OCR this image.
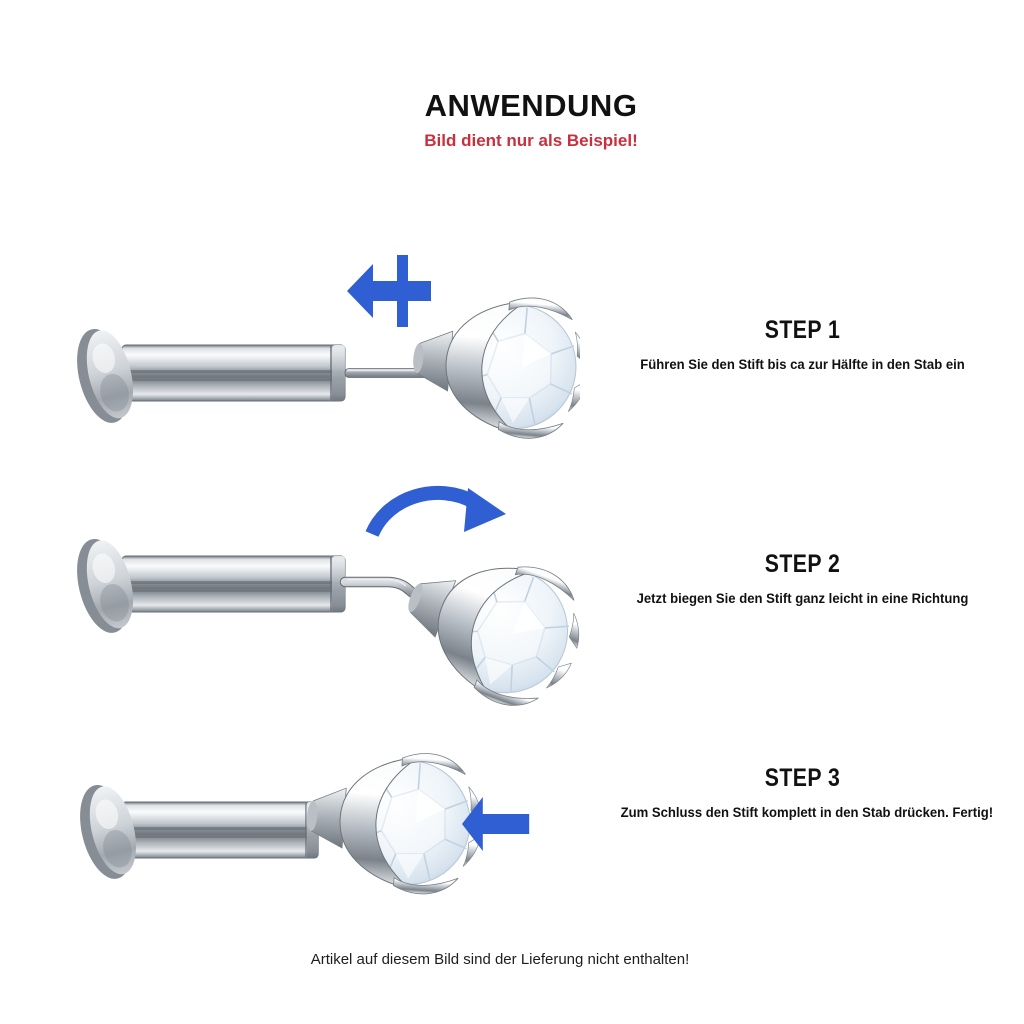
ANWENDUNG

Bild dient nur als Beispiel!

STEP 1

Führen Sie den Stift bis ca zur Hälfte in den Stab ein

STEP 2

Jetzt biegen Sie den Stift ganz leicht in eine Richtung

STEP 3

Zum Schluss den Stift komplett in den Stab drücken. Fertig!

Artikel auf diesem Bild sind der Lieferung nicht enthalten!
